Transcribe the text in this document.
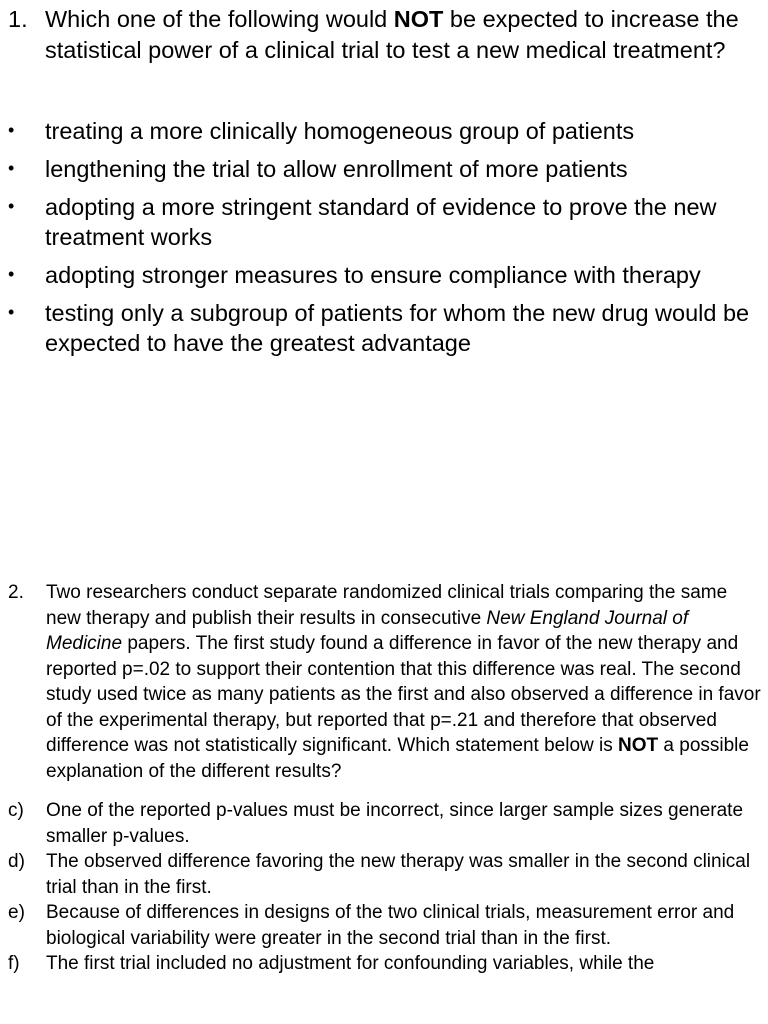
1. Which one of the following would NOT be expected to increase the statistical power of a clinical trial to test a new medical treatment?
• treating a more clinically homogeneous group of patients
• lengthening the trial to allow enrollment of more patients
• adopting a more stringent standard of evidence to prove the new treatment works
• adopting stronger measures to ensure compliance with therapy
• testing only a subgroup of patients for whom the new drug would be expected to have the greatest advantage
2. Two researchers conduct separate randomized clinical trials comparing the same new therapy and publish their results in consecutive New England Journal of Medicine papers. The first study found a difference in favor of the new therapy and reported p=.02 to support their contention that this difference was real. The second study used twice as many patients as the first and also observed a difference in favor of the experimental therapy, but reported that p=.21 and therefore that observed difference was not statistically significant. Which statement below is NOT a possible explanation of the different results?
c) One of the reported p-values must be incorrect, since larger sample sizes generate smaller p-values.
d) The observed difference favoring the new therapy was smaller in the second clinical trial than in the first.
e) Because of differences in designs of the two clinical trials, measurement error and biological variability were greater in the second trial than in the first.
f) The first trial included no adjustment for confounding variables, while the
